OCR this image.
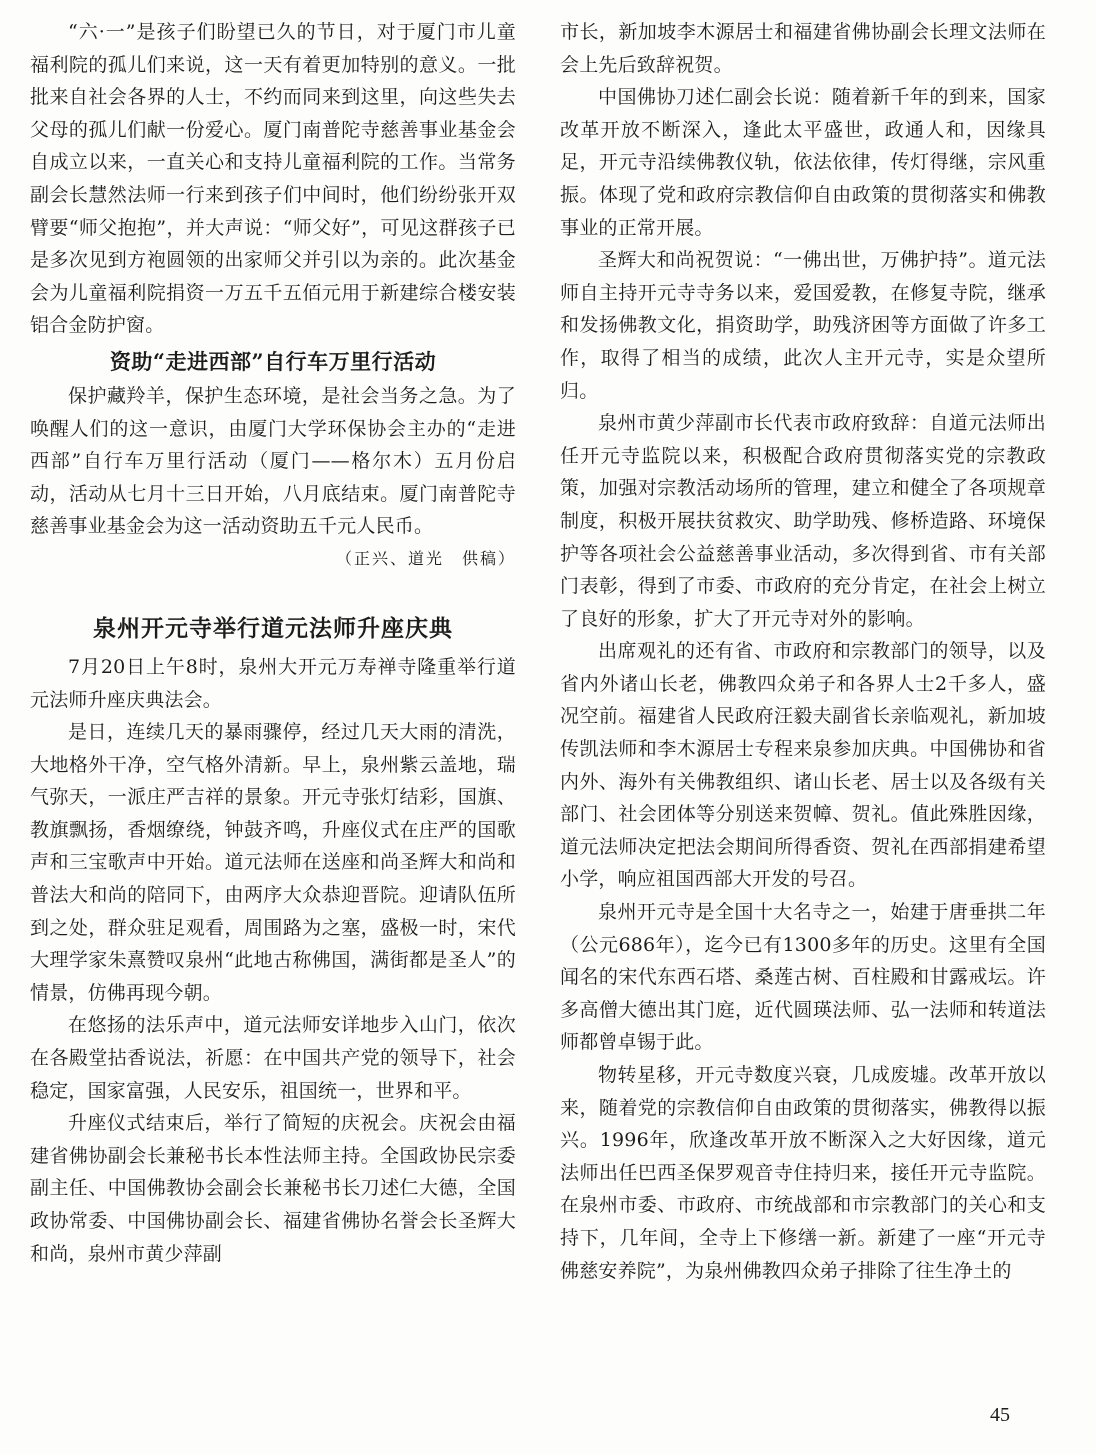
“六·一”是孩子们盼望已久的节日，对于厦门市儿童福利院的孤儿们来说，这一天有着更加特别的意义。一批批来自社会各界的人士，不约而同来到这里，向这些失去父母的孤儿们献一份爱心。厦门南普陀寺慈善事业基金会自成立以来，一直关心和支持儿童福利院的工作。当常务副会长慧然法师一行来到孩子们中间时，他们纷纷张开双臂要“师父抱抱”，并大声说：“师父好”，可见这群孩子已是多次见到方袍圆领的出家师父并引以为亲的。此次基金会为儿童福利院捐资一万五千五佰元用于新建综合楼安装铝合金防护窗。

资助“走进西部”自行车万里行活动

保护藏羚羊，保护生态环境，是社会当务之急。为了唤醒人们的这一意识，由厦门大学环保协会主办的“走进西部”自行车万里行活动（厦门——格尔木）五月份启动，活动从七月十三日开始，八月底结束。厦门南普陀寺慈善事业基金会为这一活动资助五千元人民币。

（正兴、道光　供稿）

泉州开元寺举行道元法师升座庆典

7月20日上午8时，泉州大开元万寿禅寺隆重举行道元法师升座庆典法会。

是日，连续几天的暴雨骤停，经过几天大雨的清洗，大地格外干净，空气格外清新。早上，泉州紫云盖地，瑞气弥天，一派庄严吉祥的景象。开元寺张灯结彩，国旗、教旗飘扬，香烟缭绕，钟鼓齐鸣，升座仪式在庄严的国歌声和三宝歌声中开始。道元法师在送座和尚圣辉大和尚和普法大和尚的陪同下，由两序大众恭迎晋院。迎请队伍所到之处，群众驻足观看，周围路为之塞，盛极一时，宋代大理学家朱熹赞叹泉州“此地古称佛国，满街都是圣人”的情景，仿佛再现今朝。

在悠扬的法乐声中，道元法师安详地步入山门，依次在各殿堂拈香说法，祈愿：在中国共产党的领导下，社会稳定，国家富强，人民安乐，祖国统一，世界和平。

升座仪式结束后，举行了简短的庆祝会。庆祝会由福建省佛协副会长兼秘书长本性法师主持。全国政协民宗委副主任、中国佛教协会副会长兼秘书长刀述仁大德，全国政协常委、中国佛协副会长、福建省佛协名誉会长圣辉大和尚，泉州市黄少萍副

市长，新加坡李木源居士和福建省佛协副会长理文法师在会上先后致辞祝贺。

中国佛协刀述仁副会长说：随着新千年的到来，国家改革开放不断深入，逢此太平盛世，政通人和，因缘具足，开元寺沿续佛教仪轨，依法依律，传灯得继，宗风重振。体现了党和政府宗教信仰自由政策的贯彻落实和佛教事业的正常开展。

圣辉大和尚祝贺说：“一佛出世，万佛护持”。道元法师自主持开元寺寺务以来，爱国爱教，在修复寺院，继承和发扬佛教文化，捐资助学，助残济困等方面做了许多工作，取得了相当的成绩，此次人主开元寺，实是众望所归。

泉州市黄少萍副市长代表市政府致辞：自道元法师出任开元寺监院以来，积极配合政府贯彻落实党的宗教政策，加强对宗教活动场所的管理，建立和健全了各项规章制度，积极开展扶贫救灾、助学助残、修桥造路、环境保护等各项社会公益慈善事业活动，多次得到省、市有关部门表彰，得到了市委、市政府的充分肯定，在社会上树立了良好的形象，扩大了开元寺对外的影响。

出席观礼的还有省、市政府和宗教部门的领导，以及省内外诸山长老，佛教四众弟子和各界人士2千多人，盛况空前。福建省人民政府汪毅夫副省长亲临观礼，新加坡传凯法师和李木源居士专程来泉参加庆典。中国佛协和省内外、海外有关佛教组织、诸山长老、居士以及各级有关部门、社会团体等分别送来贺幛、贺礼。值此殊胜因缘，道元法师决定把法会期间所得香资、贺礼在西部捐建希望小学，响应祖国西部大开发的号召。

泉州开元寺是全国十大名寺之一，始建于唐垂拱二年（公元686年），迄今已有1300多年的历史。这里有全国闻名的宋代东西石塔、桑莲古树、百柱殿和甘露戒坛。许多高僧大德出其门庭，近代圆瑛法师、弘一法师和转道法师都曾卓锡于此。

物转星移，开元寺数度兴衰，几成废墟。改革开放以来，随着党的宗教信仰自由政策的贯彻落实，佛教得以振兴。1996年，欣逢改革开放不断深入之大好因缘，道元法师出任巴西圣保罗观音寺住持归来，接任开元寺监院。在泉州市委、市政府、市统战部和市宗教部门的关心和支持下，几年间，全寺上下修缮一新。新建了一座“开元寺佛慈安养院”，为泉州佛教四众弟子排除了往生净土的

45
